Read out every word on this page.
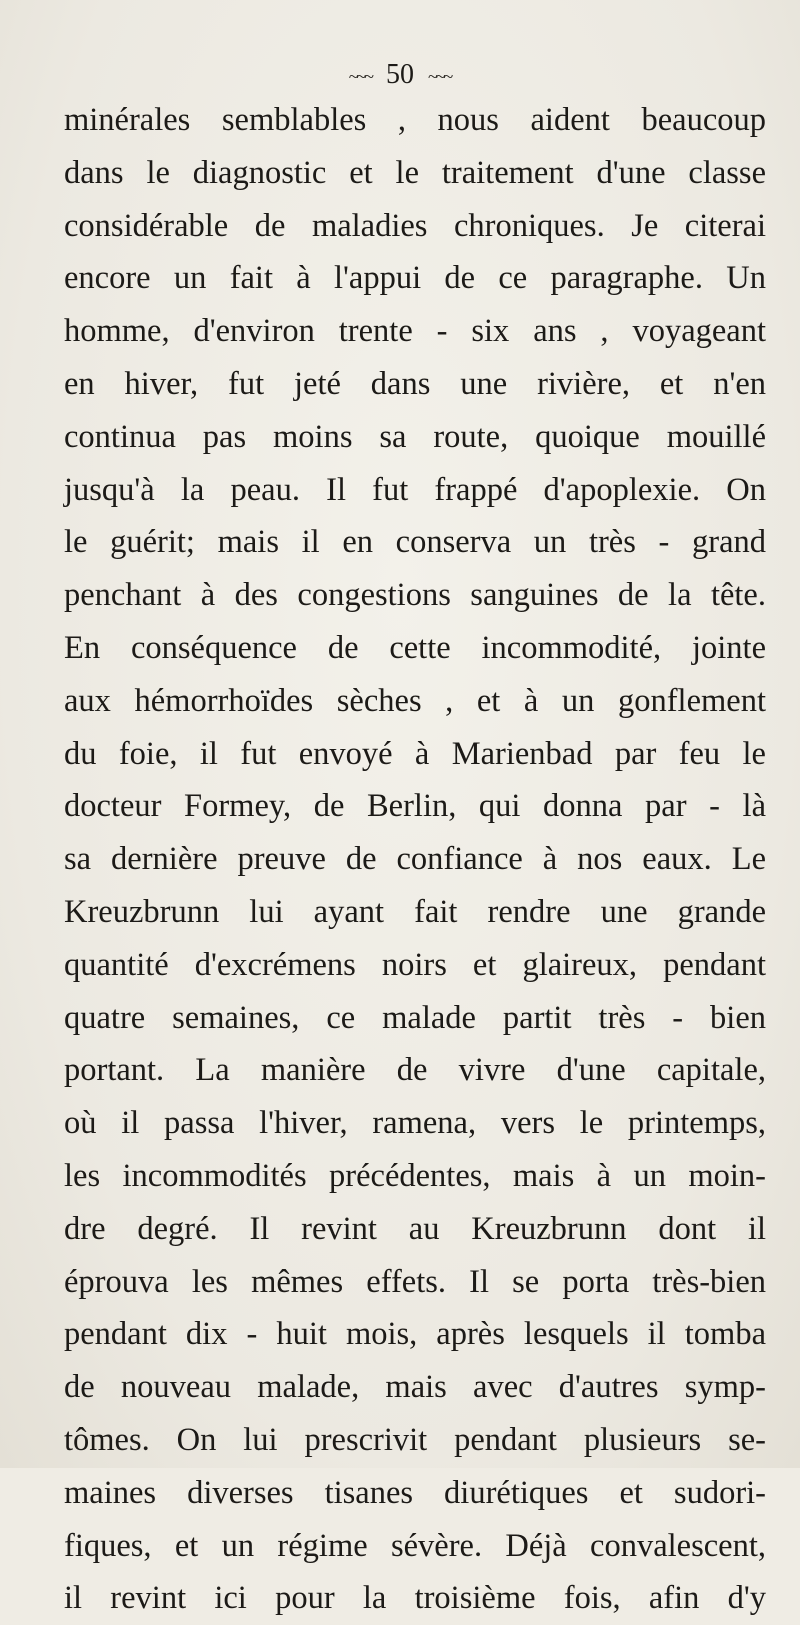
~~~ 50 ~~~
minérales semblables , nous aident beaucoup
dans le diagnostic et le traitement d'une classe
considérable de maladies chroniques. Je citerai
encore un fait à l'appui de ce paragraphe. Un
homme, d'environ trente - six ans , voyageant
en hiver, fut jeté dans une rivière, et n'en
continua pas moins sa route, quoique mouillé
jusqu'à la peau. Il fut frappé d'apoplexie. On
le guérit; mais il en conserva un très - grand
penchant à des congestions sanguines de la tête.
En conséquence de cette incommodité, jointe
aux hémorrhoïdes sèches , et à un gonflement
du foie, il fut envoyé à Marienbad par feu le
docteur Formey, de Berlin, qui donna par - là
sa dernière preuve de confiance à nos eaux. Le
Kreuzbrunn lui ayant fait rendre une grande
quantité d'excrémens noirs et glaireux, pendant
quatre semaines, ce malade partit très - bien
portant. La manière de vivre d'une capitale,
où il passa l'hiver, ramena, vers le printemps,
les incommodités précédentes, mais à un moin-
dre degré. Il revint au Kreuzbrunn dont il
éprouva les mêmes effets. Il se porta très-bien
pendant dix - huit mois, après lesquels il tomba
de nouveau malade, mais avec d'autres symp-
tômes. On lui prescrivit pendant plusieurs se-
maines diverses tisanes diurétiques et sudori-
fiques, et un régime sévère. Déjà convalescent,
il revint ici pour la troisième fois, afin d'y
